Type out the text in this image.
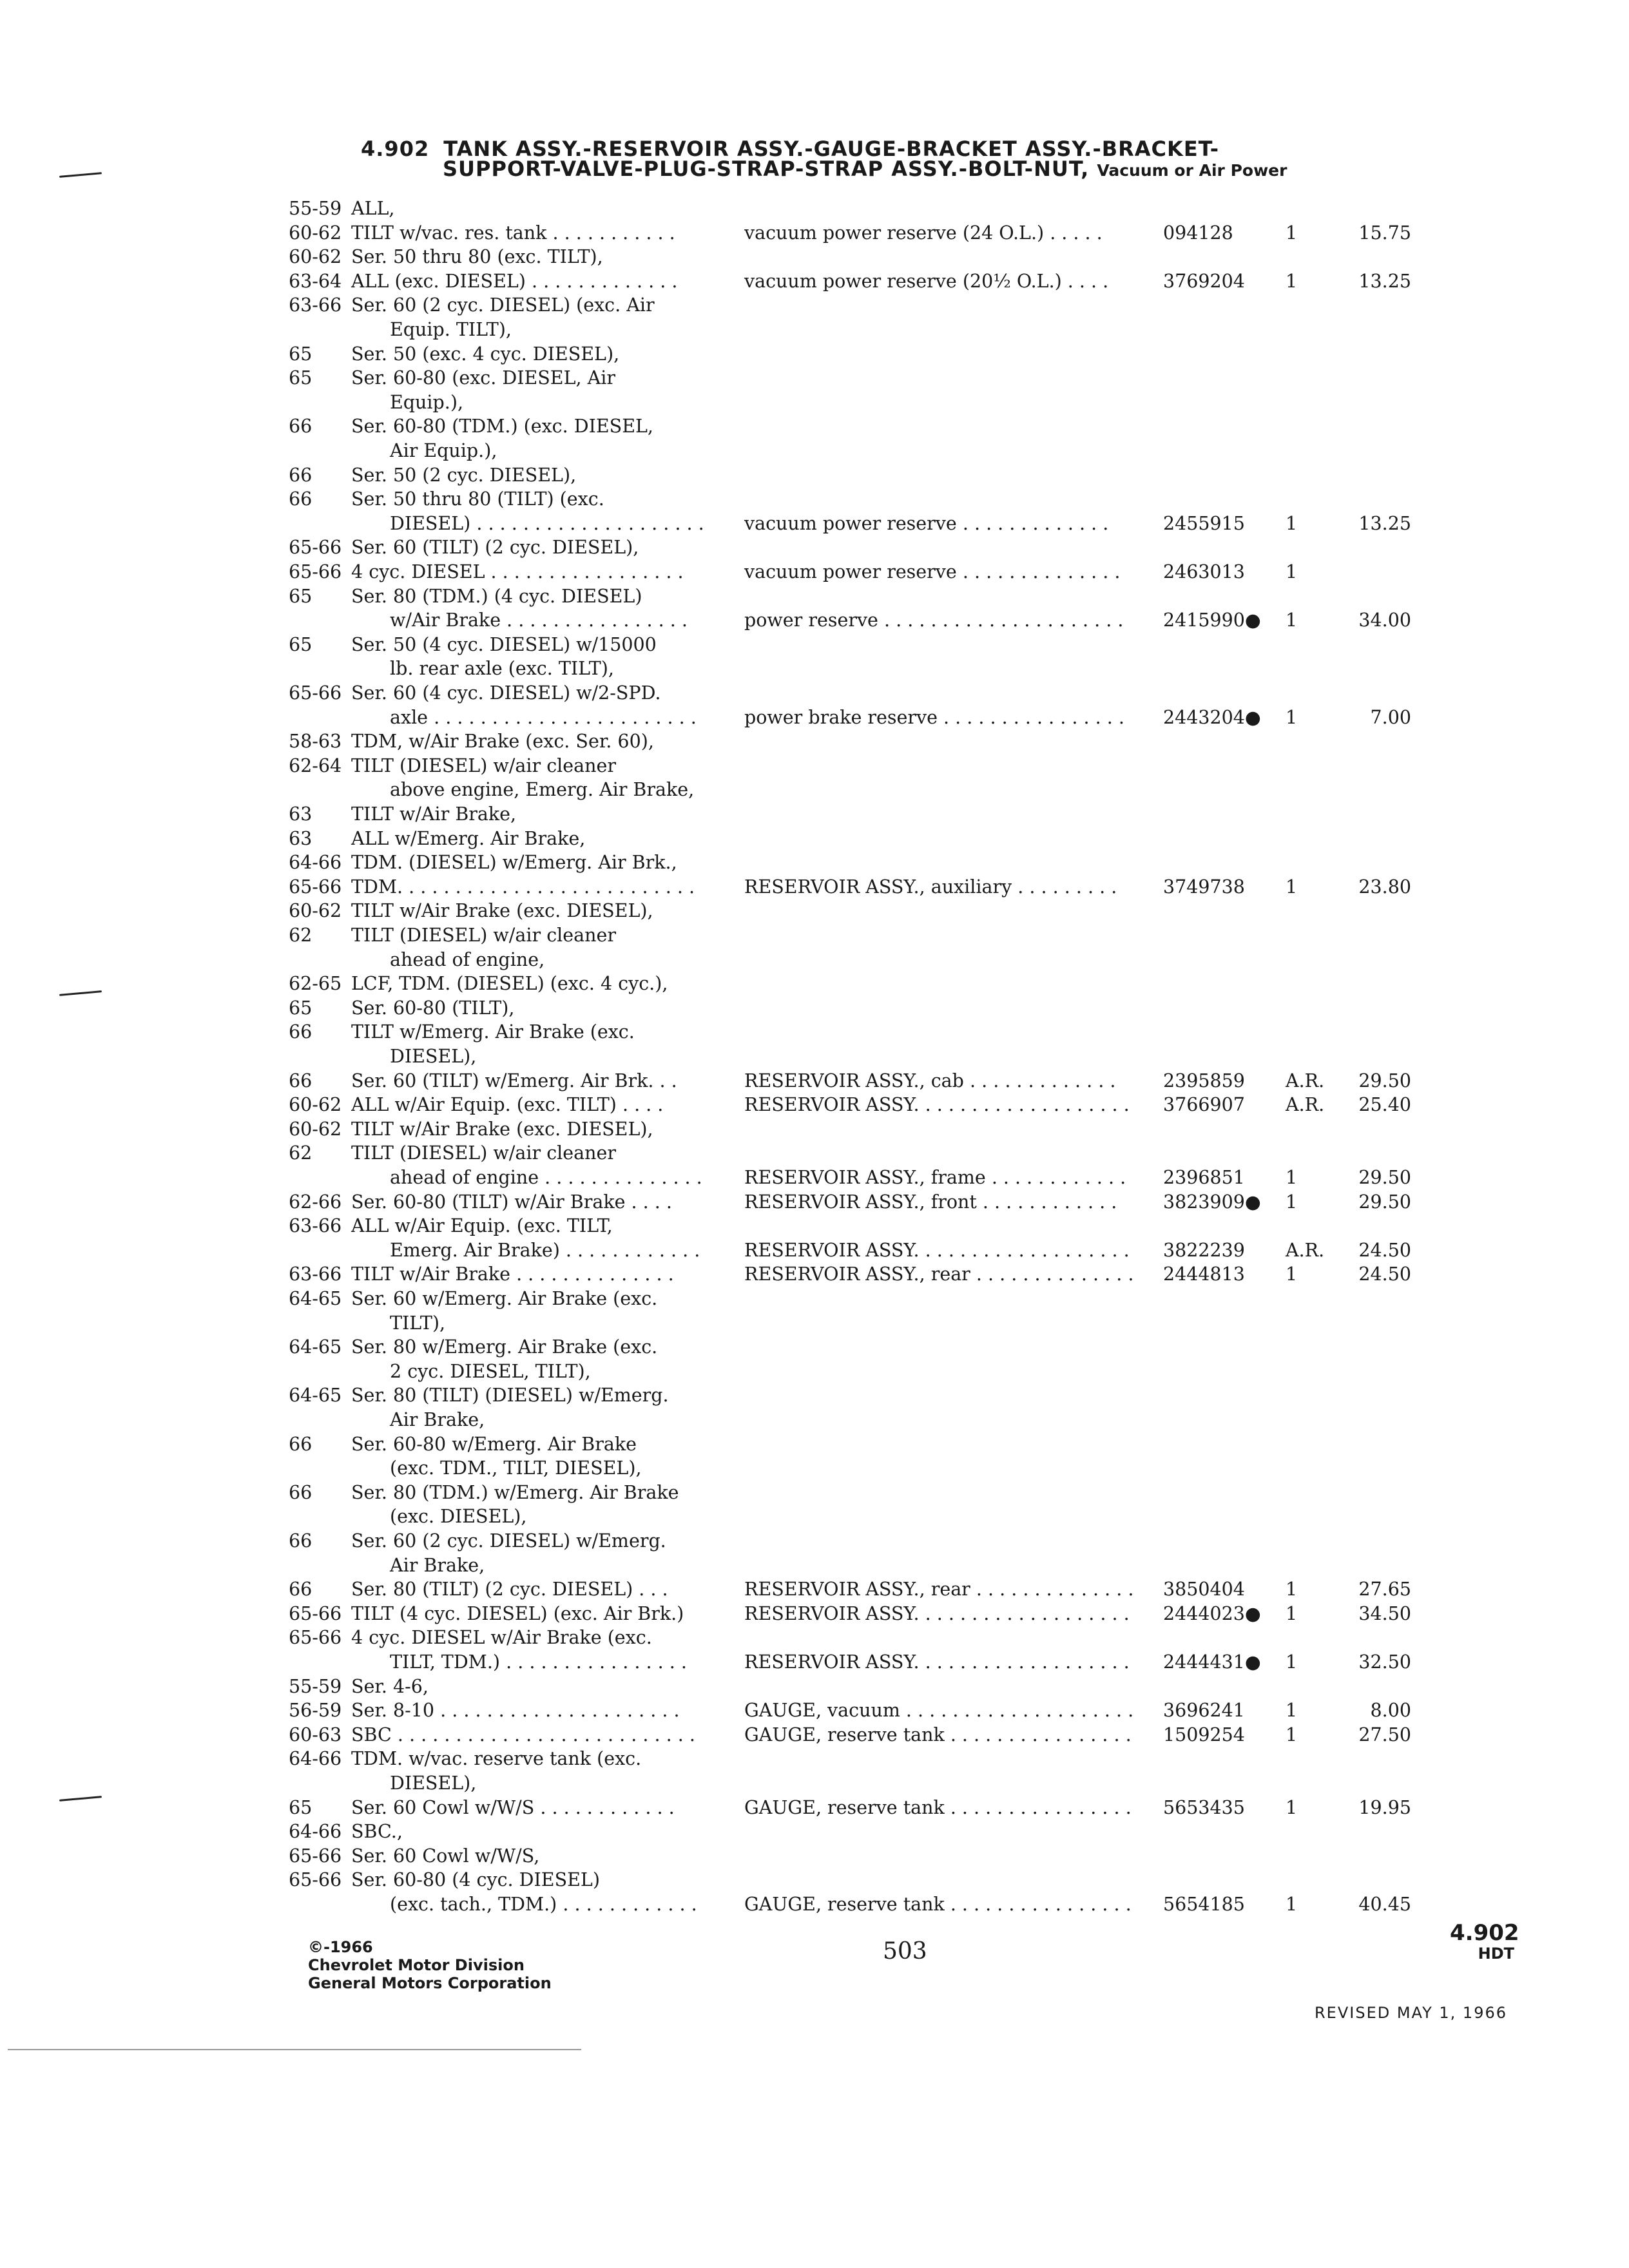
4.902 TANK ASSY.-RESERVOIR ASSY.-GAUGE-BRACKET ASSY.-BRACKET-
SUPPORT-VALVE-PLUG-STRAP-STRAP ASSY.-BOLT-NUT, Vacuum or Air Power
55-59 ALL,
60-62 TILT w/vac. res. tank . . . . . . . . . . .	vacuum power reserve (24 O.L.) . . . . .	094128	1	15.75
60-62 Ser. 50 thru 80 (exc. TILT),
63-64 ALL (exc. DIESEL) . . . . . . . . . . . . .	vacuum power reserve (20½ O.L.) . . . .	3769204 1	13.25
63-66 Ser. 60 (2 cyc. DIESEL) (exc. Air
Equip. TILT),
65 Ser. 50 (exc. 4 cyc. DIESEL),
65 Ser. 60-80 (exc. DIESEL, Air
Equip.),
66 Ser. 60-80 (TDM.) (exc. DIESEL,
Air Equip.),
66 Ser. 50 (2 cyc. DIESEL),
66 Ser. 50 thru 80 (TILT) (exc.
DIESEL) . . . . . . . . . . . . . . . . . . . . vacuum power reserve . . . . . . . . . . . . .	2455915 1	13.25
65-66 Ser. 60 (TILT) (2 cyc. DIESEL),
65-66 4 cyc. DIESEL . . . . . . . . . . . . . . . . .	vacuum power reserve . . . . . . . . . . . . . . 2463013 1
65 Ser. 80 (TDM.) (4 cyc. DIESEL)
w/Air Brake . . . . . . . . . . . . . . . .	power reserve . . . . . . . . . . . . . . . . . . . . . 2415990● 1	34.00
65 Ser. 50 (4 cyc. DIESEL) w/15000
lb. rear axle (exc. TILT),
65-66 Ser. 60 (4 cyc. DIESEL) w/2-SPD.
axle . . . . . . . . . . . . . . . . . . . . . . .	power brake reserve . . . . . . . . . . . . . . . . 2443204● 1	7.00
58-63 TDM, w/Air Brake (exc. Ser. 60),
62-64 TILT (DIESEL) w/air cleaner
above engine, Emerg. Air Brake,
63 TILT w/Air Brake,
63 ALL w/Emerg. Air Brake,
64-66 TDM. (DIESEL) w/Emerg. Air Brk.,
65-66 TDM. . . . . . . . . . . . . . . . . . . . . . . . . .	RESERVOIR ASSY., auxiliary . . . . . . . . .	3749738 1	23.80
60-62 TILT w/Air Brake (exc. DIESEL),
62 TILT (DIESEL) w/air cleaner
ahead of engine,
62-65 LCF, TDM. (DIESEL) (exc. 4 cyc.),
65 Ser. 60-80 (TILT),
66 TILT w/Emerg. Air Brake (exc.
DIESEL),
66 Ser. 60 (TILT) w/Emerg. Air Brk. . .	RESERVOIR ASSY., cab . . . . . . . . . . . . .	2395859 A.R. 29.50
60-62 ALL w/Air Equip. (exc. TILT) . . . .	RESERVOIR ASSY. . . . . . . . . . . . . . . . . . . 3766907 A.R. 25.40
60-62 TILT w/Air Brake (exc. DIESEL),
62 TILT (DIESEL) w/air cleaner
ahead of engine . . . . . . . . . . . . . . RESERVOIR ASSY., frame . . . . . . . . . . . . 2396851 1	29.50
62-66 Ser. 60-80 (TILT) w/Air Brake . . . .	RESERVOIR ASSY., front . . . . . . . . . . . .	3823909● 1	29.50
63-66 ALL w/Air Equip. (exc. TILT,
Emerg. Air Brake) . . . . . . . . . . . . RESERVOIR ASSY. . . . . . . . . . . . . . . . . . . 3822239 A.R. 24.50
63-66 TILT w/Air Brake . . . . . . . . . . . . . .	RESERVOIR ASSY., rear . . . . . . . . . . . . . . 2444813 1	24.50
64-65 Ser. 60 w/Emerg. Air Brake (exc.
TILT),
64-65 Ser. 80 w/Emerg. Air Brake (exc.
2 cyc. DIESEL, TILT),
64-65 Ser. 80 (TILT) (DIESEL) w/Emerg.
Air Brake,
66 Ser. 60-80 w/Emerg. Air Brake
(exc. TDM., TILT, DIESEL),
66 Ser. 80 (TDM.) w/Emerg. Air Brake
(exc. DIESEL),
66 Ser. 60 (2 cyc. DIESEL) w/Emerg.
Air Brake,
66 Ser. 80 (TILT) (2 cyc. DIESEL) . . .	RESERVOIR ASSY., rear . . . . . . . . . . . . . . 3850404 1	27.65
65-66 TILT (4 cyc. DIESEL) (exc. Air Brk.)	RESERVOIR ASSY. . . . . . . . . . . . . . . . . . . 2444023● 1	34.50
65-66 4 cyc. DIESEL w/Air Brake (exc.
TILT, TDM.) . . . . . . . . . . . . . . . .	RESERVOIR ASSY. . . . . . . . . . . . . . . . . . . 2444431● 1	32.50
55-59 Ser. 4-6,
56-59 Ser. 8-10 . . . . . . . . . . . . . . . . . . . . .	GAUGE, vacuum . . . . . . . . . . . . . . . . . . . . 3696241 1	8.00
60-63 SBC . . . . . . . . . . . . . . . . . . . . . . . . . .	GAUGE, reserve tank . . . . . . . . . . . . . . . . 1509254 1	27.50
64-66 TDM. w/vac. reserve tank (exc.
DIESEL),
65 Ser. 60 Cowl w/W/S . . . . . . . . . . . .	GAUGE, reserve tank . . . . . . . . . . . . . . . . 5653435 1	19.95
64-66 SBC.,
65-66 Ser. 60 Cowl w/W/S,
65-66 Ser. 60-80 (4 cyc. DIESEL)
(exc. tach., TDM.) . . . . . . . . . . . .	GAUGE, reserve tank . . . . . . . . . . . . . . . . 5654185 1	40.45
©-1966
Chevrolet Motor Division
General Motors Corporation
503
4.902
HDT
REVISED MAY 1, 1966
